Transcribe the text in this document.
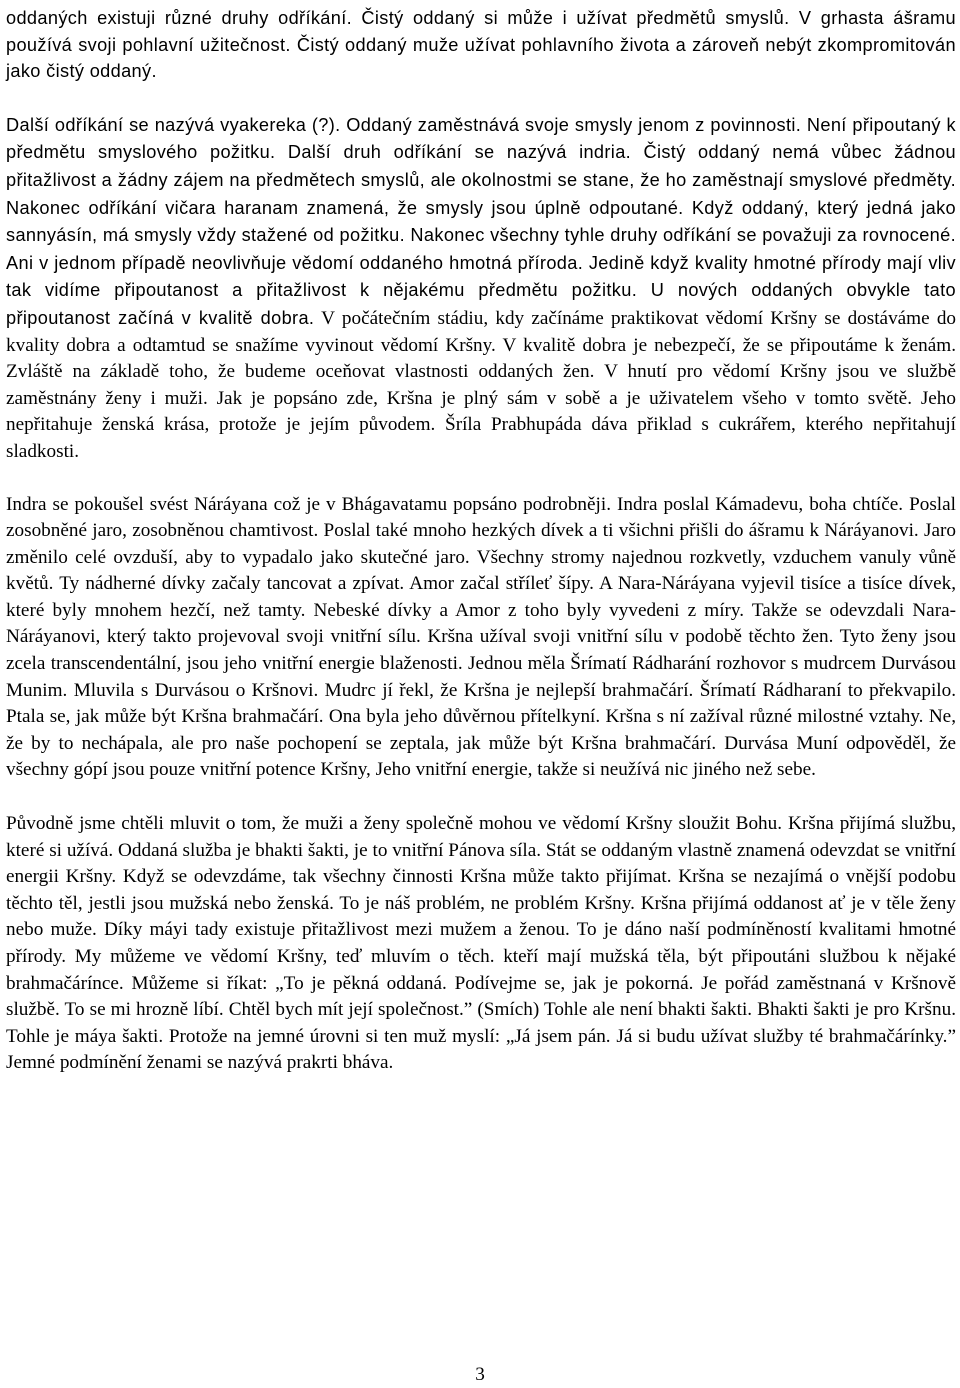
oddaných existuji různé druhy odříkání. Čistý oddaný si může i užívat předmětů smyslů. V grhasta ášramu používá svoji pohlavní užitečnost. Čistý oddaný muže užívat pohlavního života a zároveň nebýt zkompromitován jako čistý oddaný.

Další odříkání se nazývá vyakereka (?). Oddaný zaměstnává svoje smysly jenom z povinnosti. Není připoutaný k předmětu smyslového požitku. Další druh odříkání se nazývá indria. Čistý oddaný nemá vůbec žádnou přitažlivost a žádny zájem na předmětech smyslů, ale okolnostmi se stane, že ho zaměstnají smyslové předměty. Nakonec odříkání vičara haranam znamená, že smysly jsou úplně odpoutané. Když oddaný, který jedná jako sannyásín, má smysly vždy stažené od požitku. Nakonec všechny tyhle druhy odříkání se považuji za rovnocené. Ani v jednom případě neovlivňuje vědomí oddaného hmotná příroda. Jedině když kvality hmotné přírody mají vliv tak vidíme připoutanost a přitažlivost k nějakému předmětu požitku. U nových oddaných obvykle tato připoutanost začíná v kvalitě dobra. V počátečním stádiu, kdy začínáme praktikovat vědomí Kršny se dostáváme do kvality dobra a odtamtud se snažíme vyvinout vědomí Kršny. V kvalitě dobra je nebezpečí, že se připoutáme k ženám. Zvláště na základě toho, že budeme oceňovat vlastnosti oddaných žen. V hnutí pro vědomí Kršny jsou ve službě zaměstnány ženy i muži. Jak je popsáno zde, Kršna je plný sám v sobě a je uživatelem všeho v tomto světě. Jeho nepřitahuje ženská krása, protože je jejím původem. Šríla Prabhupáda dáva přiklad s cukrářem, kterého nepřitahují sladkosti.

Indra se pokoušel svést Náráyana což je v Bhágavatamu popsáno podrobněji. Indra poslal Kámadevu, boha chtíče. Poslal zosobněné jaro, zosobněnou chamtivost. Poslal také mnoho hezkých dívek a ti všichni přišli do ášramu k Náráyanovi. Jaro změnilo celé ovzduší, aby to vypadalo jako skutečné jaro. Všechny stromy najednou rozkvetly, vzduchem vanuly vůně květů. Ty nádherné dívky začaly tancovat a zpívat. Amor začal stříleť šípy. A Nara-Náráyana vyjevil tisíce a tisíce dívek, které byly mnohem hezčí, než tamty. Nebeské dívky a Amor z toho byly vyvedeni z míry. Takže se odevzdali Nara-Náráyanovi, který takto projevoval svoji vnitřní sílu. Kršna užíval svoji vnitřní sílu v podobě těchto žen. Tyto ženy jsou zcela transcendentální, jsou jeho vnitřní energie blaženosti. Jednou měla Šrímatí Rádharání rozhovor s mudrcem Durvásou Munim. Mluvila s Durvásou o Kršnovi. Mudrc jí řekl, že Kršna je nejlepší brahmačárí. Šrímatí Rádharaní to překvapilo. Ptala se, jak může být Kršna brahmačárí. Ona byla jeho důvěrnou přítelkyní. Kršna s ní zažíval různé milostné vztahy. Ne, že by to nechápala, ale pro naše pochopení se zeptala, jak může být Kršna brahmačárí. Durvása Muní odpověděl, že všechny gópí jsou pouze vnitřní potence Kršny, Jeho vnitřní energie, takže si neužívá nic jiného než sebe.

Původně jsme chtěli mluvit o tom, že muži a ženy společně mohou ve vědomí Kršny sloužit Bohu. Kršna přijímá službu, které si užívá. Oddaná služba je bhakti šakti, je to vnitřní Pánova síla. Stát se oddaným vlastně znamená odevzdat se vnitřní energii Kršny. Když se odevzdáme, tak všechny činnosti Kršna může takto přijímat. Kršna se nezajímá o vnější podobu těchto těl, jestli jsou mužská nebo ženská. To je náš problém, ne problém Kršny. Kršna přijímá oddanost ať je v těle ženy nebo muže. Díky máyi tady existuje přitažlivost mezi mužem a ženou. To je dáno naší podmíněností kvalitami hmotné přírody. My můžeme ve vědomí Kršny, teď mluvím o těch. kteří mají mužská těla, být připoutáni službou k nějaké brahmačárínce. Můžeme si říkat: „To je pěkná oddaná. Podívejme se, jak je pokorná. Je pořád zaměstnaná v Kršnově službě. To se mi hrozně líbí. Chtěl bych mít její společnost.” (Smích) Tohle ale není bhakti šakti. Bhakti šakti je pro Kršnu. Tohle je máya šakti. Protože na jemné úrovni si ten muž myslí: „Já jsem pán. Já si budu užívat služby té brahmačárínky.” Jemné podmínění ženami se nazývá prakrti bháva.

3
